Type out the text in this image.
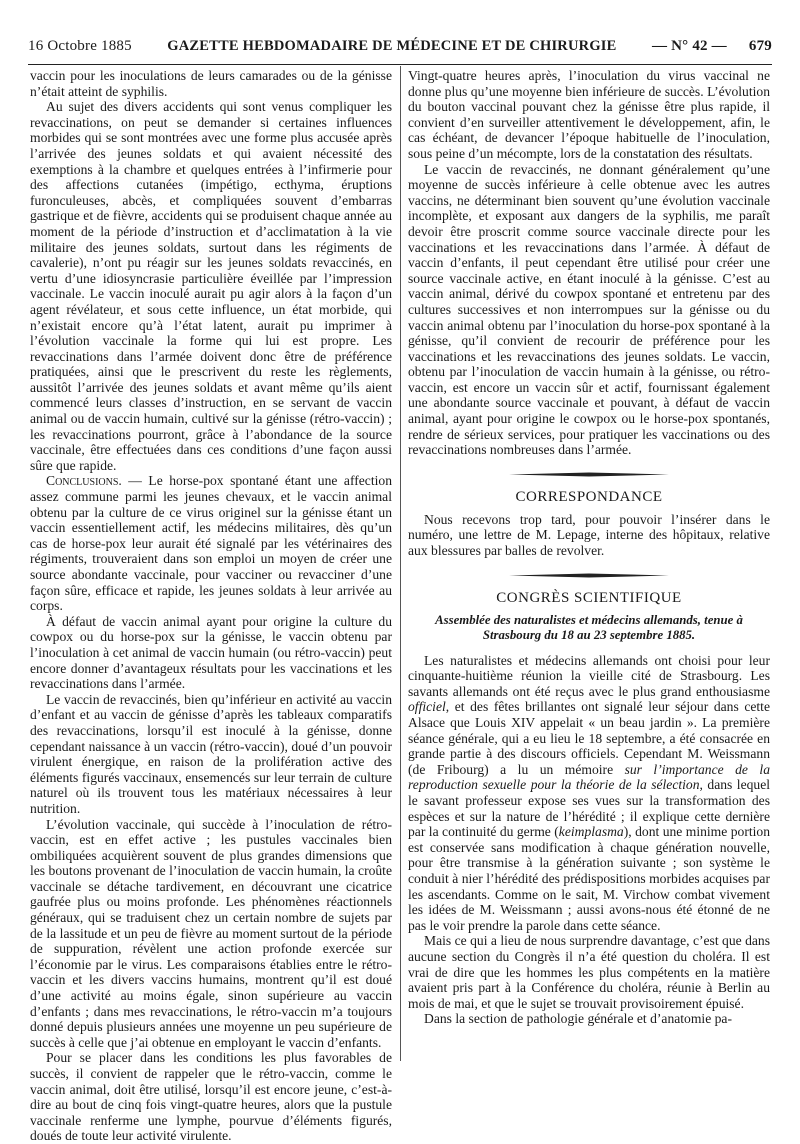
16 Octobre 1885	GAZETTE HEBDOMADAIRE DE MÉDECINE ET DE CHIRURGIE	— N° 42 — 679

vaccin pour les inoculations de leurs camarades ou de la génisse n’était atteint de syphilis.

Au sujet des divers accidents qui sont venus compliquer les revaccinations, on peut se demander si certaines influences morbides qui se sont montrées avec une forme plus accusée après l’arrivée des jeunes soldats et qui avaient nécessité des exemptions à la chambre et quelques entrées à l’infirmerie pour des affections cutanées (impétigo, ecthyma, éruptions furonculeuses, abcès, et compliquées souvent d’embarras gastrique et de fièvre, accidents qui se produisent chaque année au moment de la période d’instruction et d’acclimatation à la vie militaire des jeunes soldats, surtout dans les régiments de cavalerie), n’ont pu réagir sur les jeunes soldats revaccinés, en vertu d’une idiosyncrasie particulière éveillée par l’impression vaccinale. Le vaccin inoculé aurait pu agir alors à la façon d’un agent révélateur, et sous cette influence, un état morbide, qui n’existait encore qu’à l’état latent, aurait pu imprimer à l’évolution vaccinale la forme qui lui est propre. Les revaccinations dans l’armée doivent donc être de préférence pratiquées, ainsi que le prescrivent du reste les règlements, aussitôt l’arrivée des jeunes soldats et avant même qu’ils aient commencé leurs classes d’instruction, en se servant de vaccin animal ou de vaccin humain, cultivé sur la génisse (rétro-vaccin) ; les revaccinations pourront, grâce à l’abondance de la source vaccinale, être effectuées dans ces conditions d’une façon aussi sûre que rapide.

Conclusions. — Le horse-pox spontané étant une affection assez commune parmi les jeunes chevaux, et le vaccin animal obtenu par la culture de ce virus originel sur la génisse étant un vaccin essentiellement actif, les médecins militaires, dès qu’un cas de horse-pox leur aurait été signalé par les vétérinaires des régiments, trouveraient dans son emploi un moyen de créer une source abondante vaccinale, pour vacciner ou revacciner d’une façon sûre, efficace et rapide, les jeunes soldats à leur arrivée au corps.

À défaut de vaccin animal ayant pour origine la culture du cowpox ou du horse-pox sur la génisse, le vaccin obtenu par l’inoculation à cet animal de vaccin humain (ou rétro-vaccin) peut encore donner d’avantageux résultats pour les vaccinations et les revaccinations dans l’armée.

Le vaccin de revaccinés, bien qu’inférieur en activité au vaccin d’enfant et au vaccin de génisse d’après les tableaux comparatifs des revaccinations, lorsqu’il est inoculé à la génisse, donne cependant naissance à un vaccin (rétro-vaccin), doué d’un pouvoir virulent énergique, en raison de la prolifération active des éléments figurés vaccinaux, ensemencés sur leur terrain de culture naturel où ils trouvent tous les matériaux nécessaires à leur nutrition.

L’évolution vaccinale, qui succède à l’inoculation de rétro-vaccin, est en effet active ; les pustules vaccinales bien ombiliquées acquièrent souvent de plus grandes dimensions que les boutons provenant de l’inoculation de vaccin humain, la croûte vaccinale se détache tardivement, en découvrant une cicatrice gaufrée plus ou moins profonde. Les phénomènes réactionnels généraux, qui se traduisent chez un certain nombre de sujets par de la lassitude et un peu de fièvre au moment surtout de la période de suppuration, révèlent une action profonde exercée sur l’économie par le virus. Les comparaisons établies entre le rétro-vaccin et les divers vaccins humains, montrent qu’il est doué d’une activité au moins égale, sinon supérieure au vaccin d’enfants ; dans mes revaccinations, le rétro-vaccin m’a toujours donné depuis plusieurs années une moyenne un peu supérieure de succès à celle que j’ai obtenue en employant le vaccin d’enfants.

Pour se placer dans les conditions les plus favorables de succès, il convient de rappeler que le rétro-vaccin, comme le vaccin animal, doit être utilisé, lorsqu’il est encore jeune, c’est-à-dire au bout de cinq fois vingt-quatre heures, alors que la pustule vaccinale renferme une lymphe, pourvue d’éléments figurés, doués de toute leur activité virulente.

Vingt-quatre heures après, l’inoculation du virus vaccinal ne donne plus qu’une moyenne bien inférieure de succès. L’évolution du bouton vaccinal pouvant chez la génisse être plus rapide, il convient d’en surveiller attentivement le développement, afin, le cas échéant, de devancer l’époque habituelle de l’inoculation, sous peine d’un mécompte, lors de la constatation des résultats.

Le vaccin de revaccinés, ne donnant généralement qu’une moyenne de succès inférieure à celle obtenue avec les autres vaccins, ne déterminant bien souvent qu’une évolution vaccinale incomplète, et exposant aux dangers de la syphilis, me paraît devoir être proscrit comme source vaccinale directe pour les vaccinations et les revaccinations dans l’armée. À défaut de vaccin d’enfants, il peut cependant être utilisé pour créer une source vaccinale active, en étant inoculé à la génisse. C’est au vaccin animal, dérivé du cowpox spontané et entretenu par des cultures successives et non interrompues sur la génisse ou du vaccin animal obtenu par l’inoculation du horse-pox spontané à la génisse, qu’il convient de recourir de préférence pour les vaccinations et les revaccinations des jeunes soldats. Le vaccin, obtenu par l’inoculation de vaccin humain à la génisse, ou rétro-vaccin, est encore un vaccin sûr et actif, fournissant également une abondante source vaccinale et pouvant, à défaut de vaccin animal, ayant pour origine le cowpox ou le horse-pox spontanés, rendre de sérieux services, pour pratiquer les vaccinations ou des revaccinations nombreuses dans l’armée.

CORRESPONDANCE

Nous recevons trop tard, pour pouvoir l’insérer dans le numéro, une lettre de M. Lepage, interne des hôpitaux, relative aux blessures par balles de revolver.

CONGRÈS SCIENTIFIQUE
Assemblée des naturalistes et médecins allemands, tenue à Strasbourg du 18 au 23 septembre 1885.

Les naturalistes et médecins allemands ont choisi pour leur cinquante-huitième réunion la vieille cité de Strasbourg. Les savants allemands ont été reçus avec le plus grand enthousiasme officiel, et des fêtes brillantes ont signalé leur séjour dans cette Alsace que Louis XIV appelait « un beau jardin ». La première séance générale, qui a eu lieu le 18 septembre, a été consacrée en grande partie à des discours officiels. Cependant M. Weissmann (de Fribourg) a lu un mémoire sur l’importance de la reproduction sexuelle pour la théorie de la sélection, dans lequel le savant professeur expose ses vues sur la transformation des espèces et sur la nature de l’hérédité ; il explique cette dernière par la continuité du germe (keimplasma), dont une minime portion est conservée sans modification à chaque génération nouvelle, pour être transmise à la génération suivante ; son système le conduit à nier l’hérédité des prédispositions morbides acquises par les ascendants. Comme on le sait, M. Virchow combat vivement les idées de M. Weissmann ; aussi avons-nous été étonné de ne pas le voir prendre la parole dans cette séance.

Mais ce qui a lieu de nous surprendre davantage, c’est que dans aucune section du Congrès il n’a été question du choléra. Il est vrai de dire que les hommes les plus compétents en la matière avaient pris part à la Conférence du choléra, réunie à Berlin au mois de mai, et que le sujet se trouvait provisoirement épuisé.

Dans la section de pathologie générale et d’anatomie pa-
